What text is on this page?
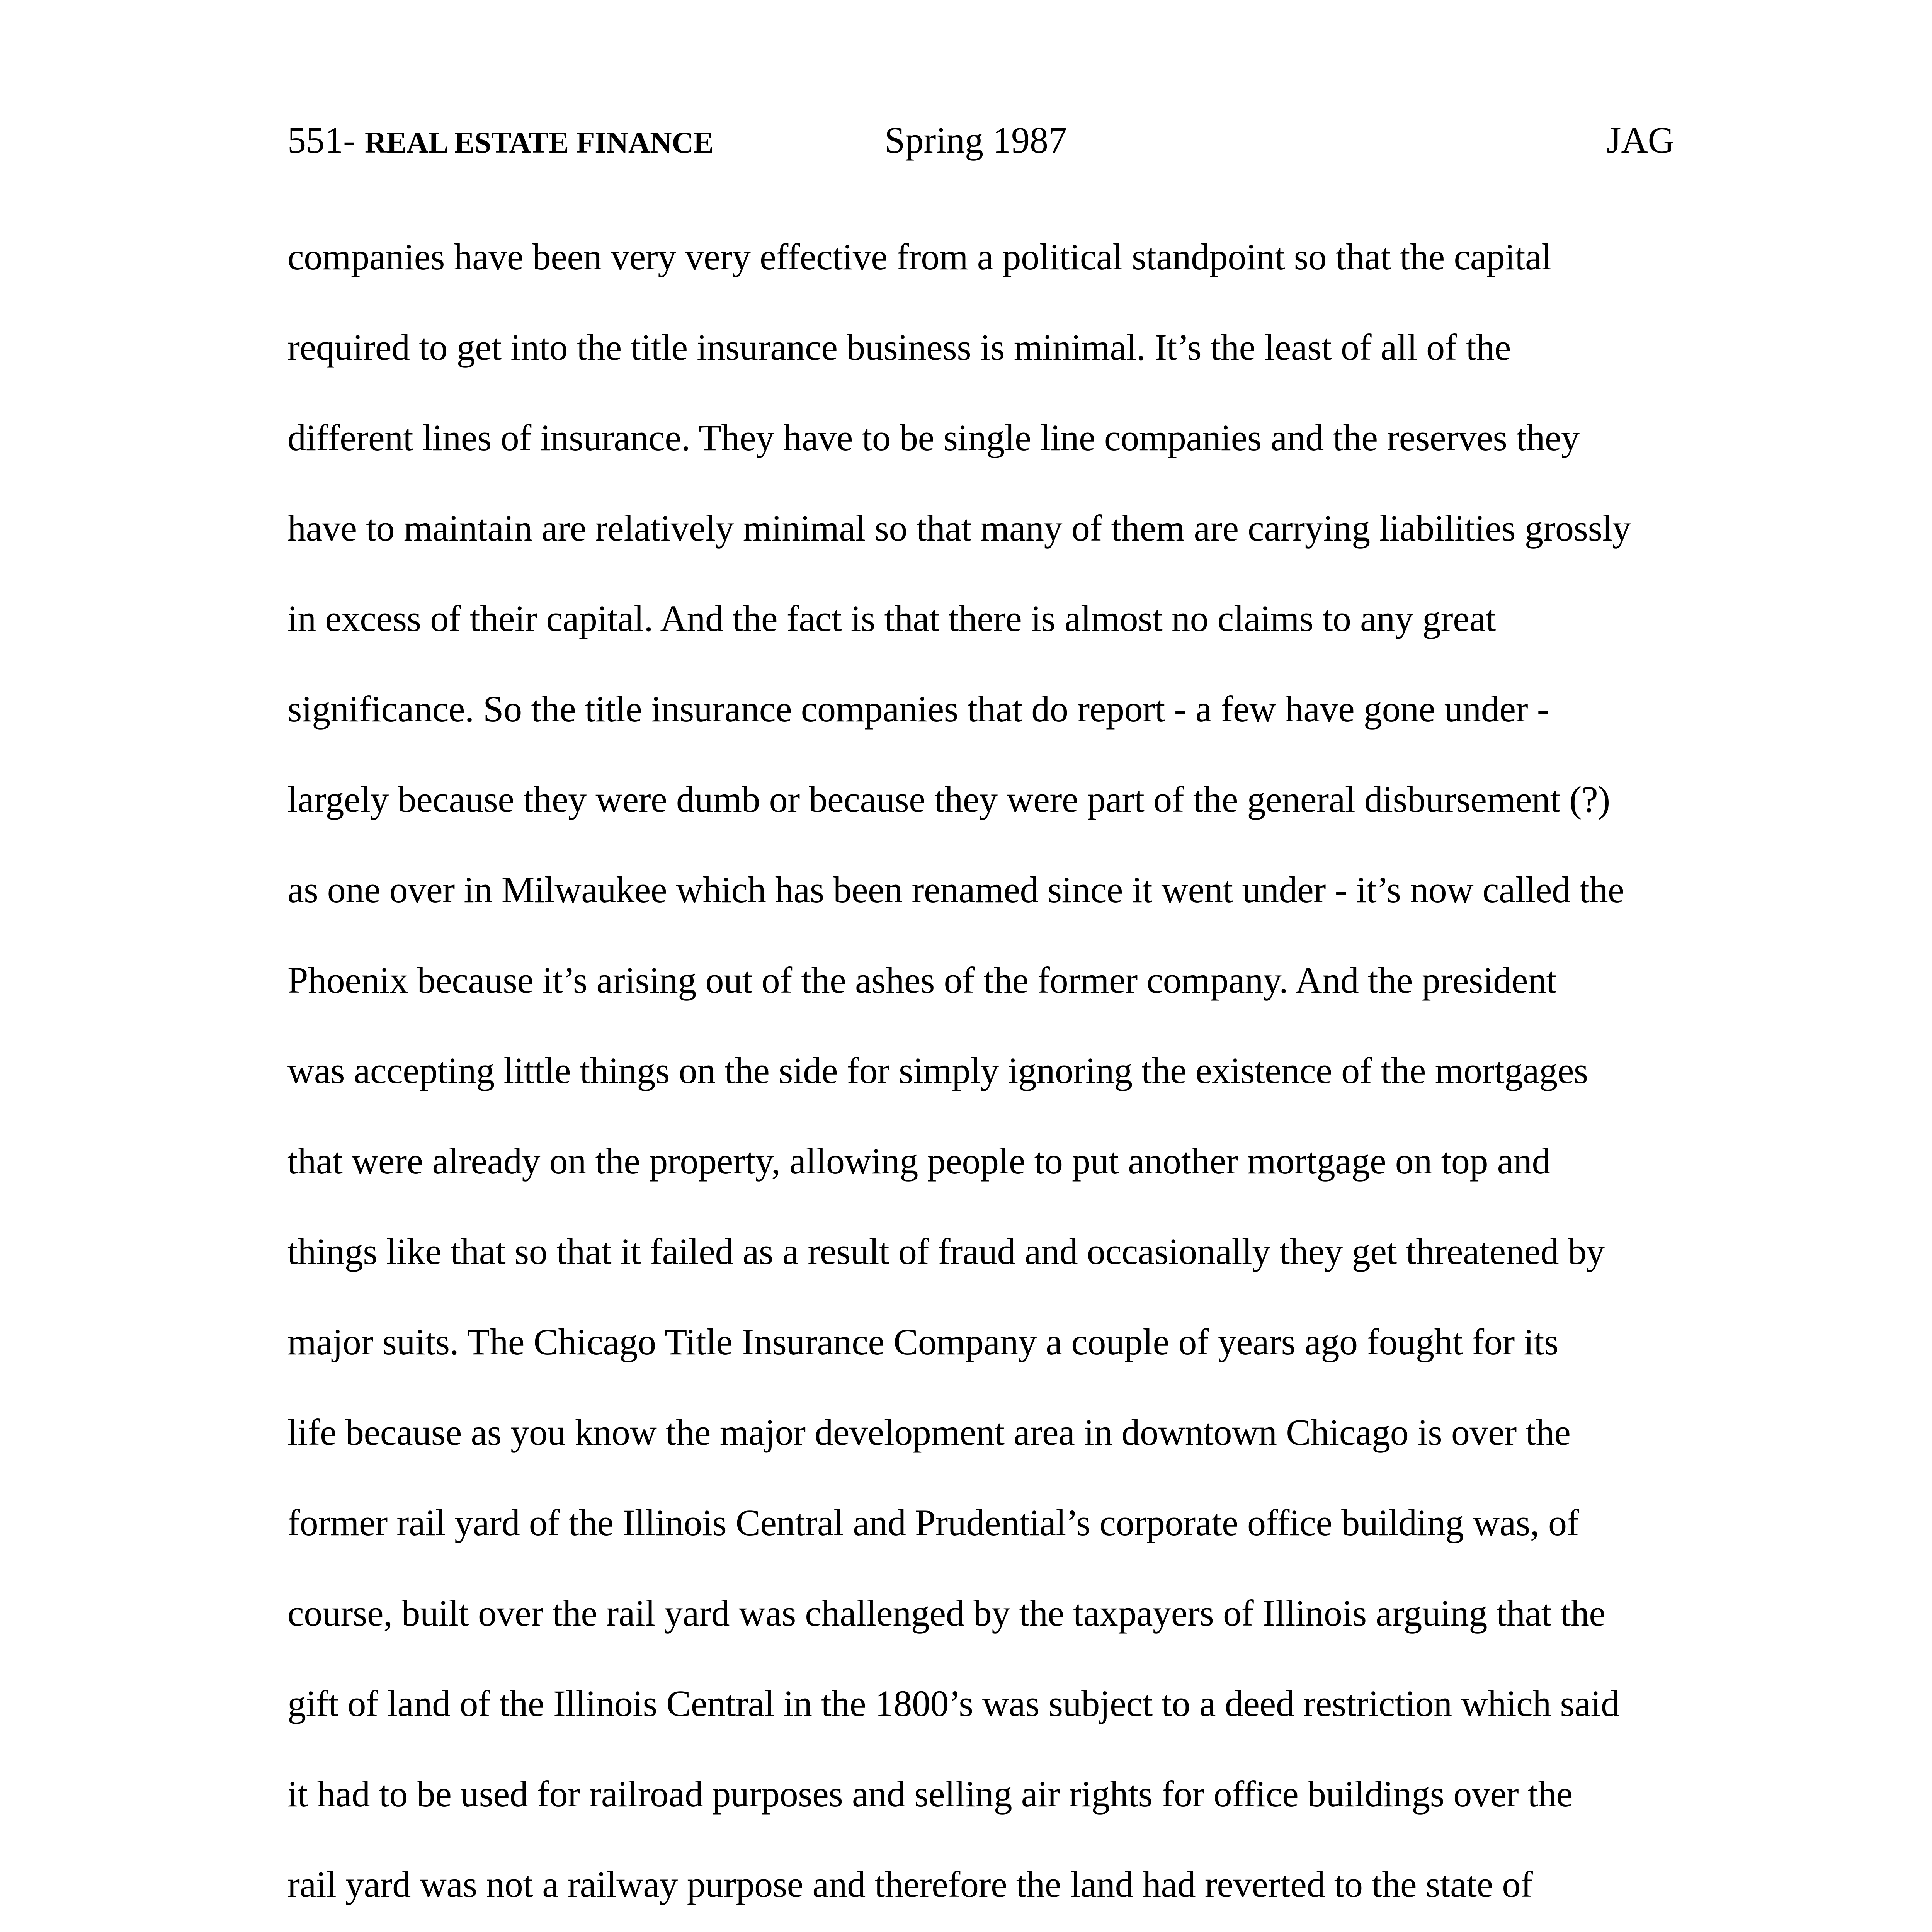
551- REAL ESTATE FINANCE	Spring 1987	JAG
companies have been very very effective from a political standpoint so that the capital
required to get into the title insurance business is minimal. It’s the least of all of the
different lines of insurance. They have to be single line companies and the reserves they
have to maintain are relatively minimal so that many of them are carrying liabilities grossly
in excess of their capital. And the fact is that there is almost no claims to any great
significance. So the title insurance companies that do report - a few have gone under -
largely because they were dumb or because they were part of the general disbursement (?)
as one over in Milwaukee which has been renamed since it went under - it’s now called the
Phoenix because it’s arising out of the ashes of the former company. And the president
was accepting little things on the side for simply ignoring the existence of the mortgages
that were already on the property, allowing people to put another mortgage on top and
things like that so that it failed as a result of fraud and occasionally they get threatened by
major suits. The Chicago Title Insurance Company a couple of years ago fought for its
life because as you know the major development area in downtown Chicago is over the
former rail yard of the Illinois Central and Prudential’s corporate office building was, of
course, built over the rail yard was challenged by the taxpayers of Illinois arguing that the
gift of land of the Illinois Central in the 1800’s was subject to a deed restriction which said
it had to be used for railroad purposes and selling air rights for office buildings over the
rail yard was not a railway purpose and therefore the land had reverted to the state of
